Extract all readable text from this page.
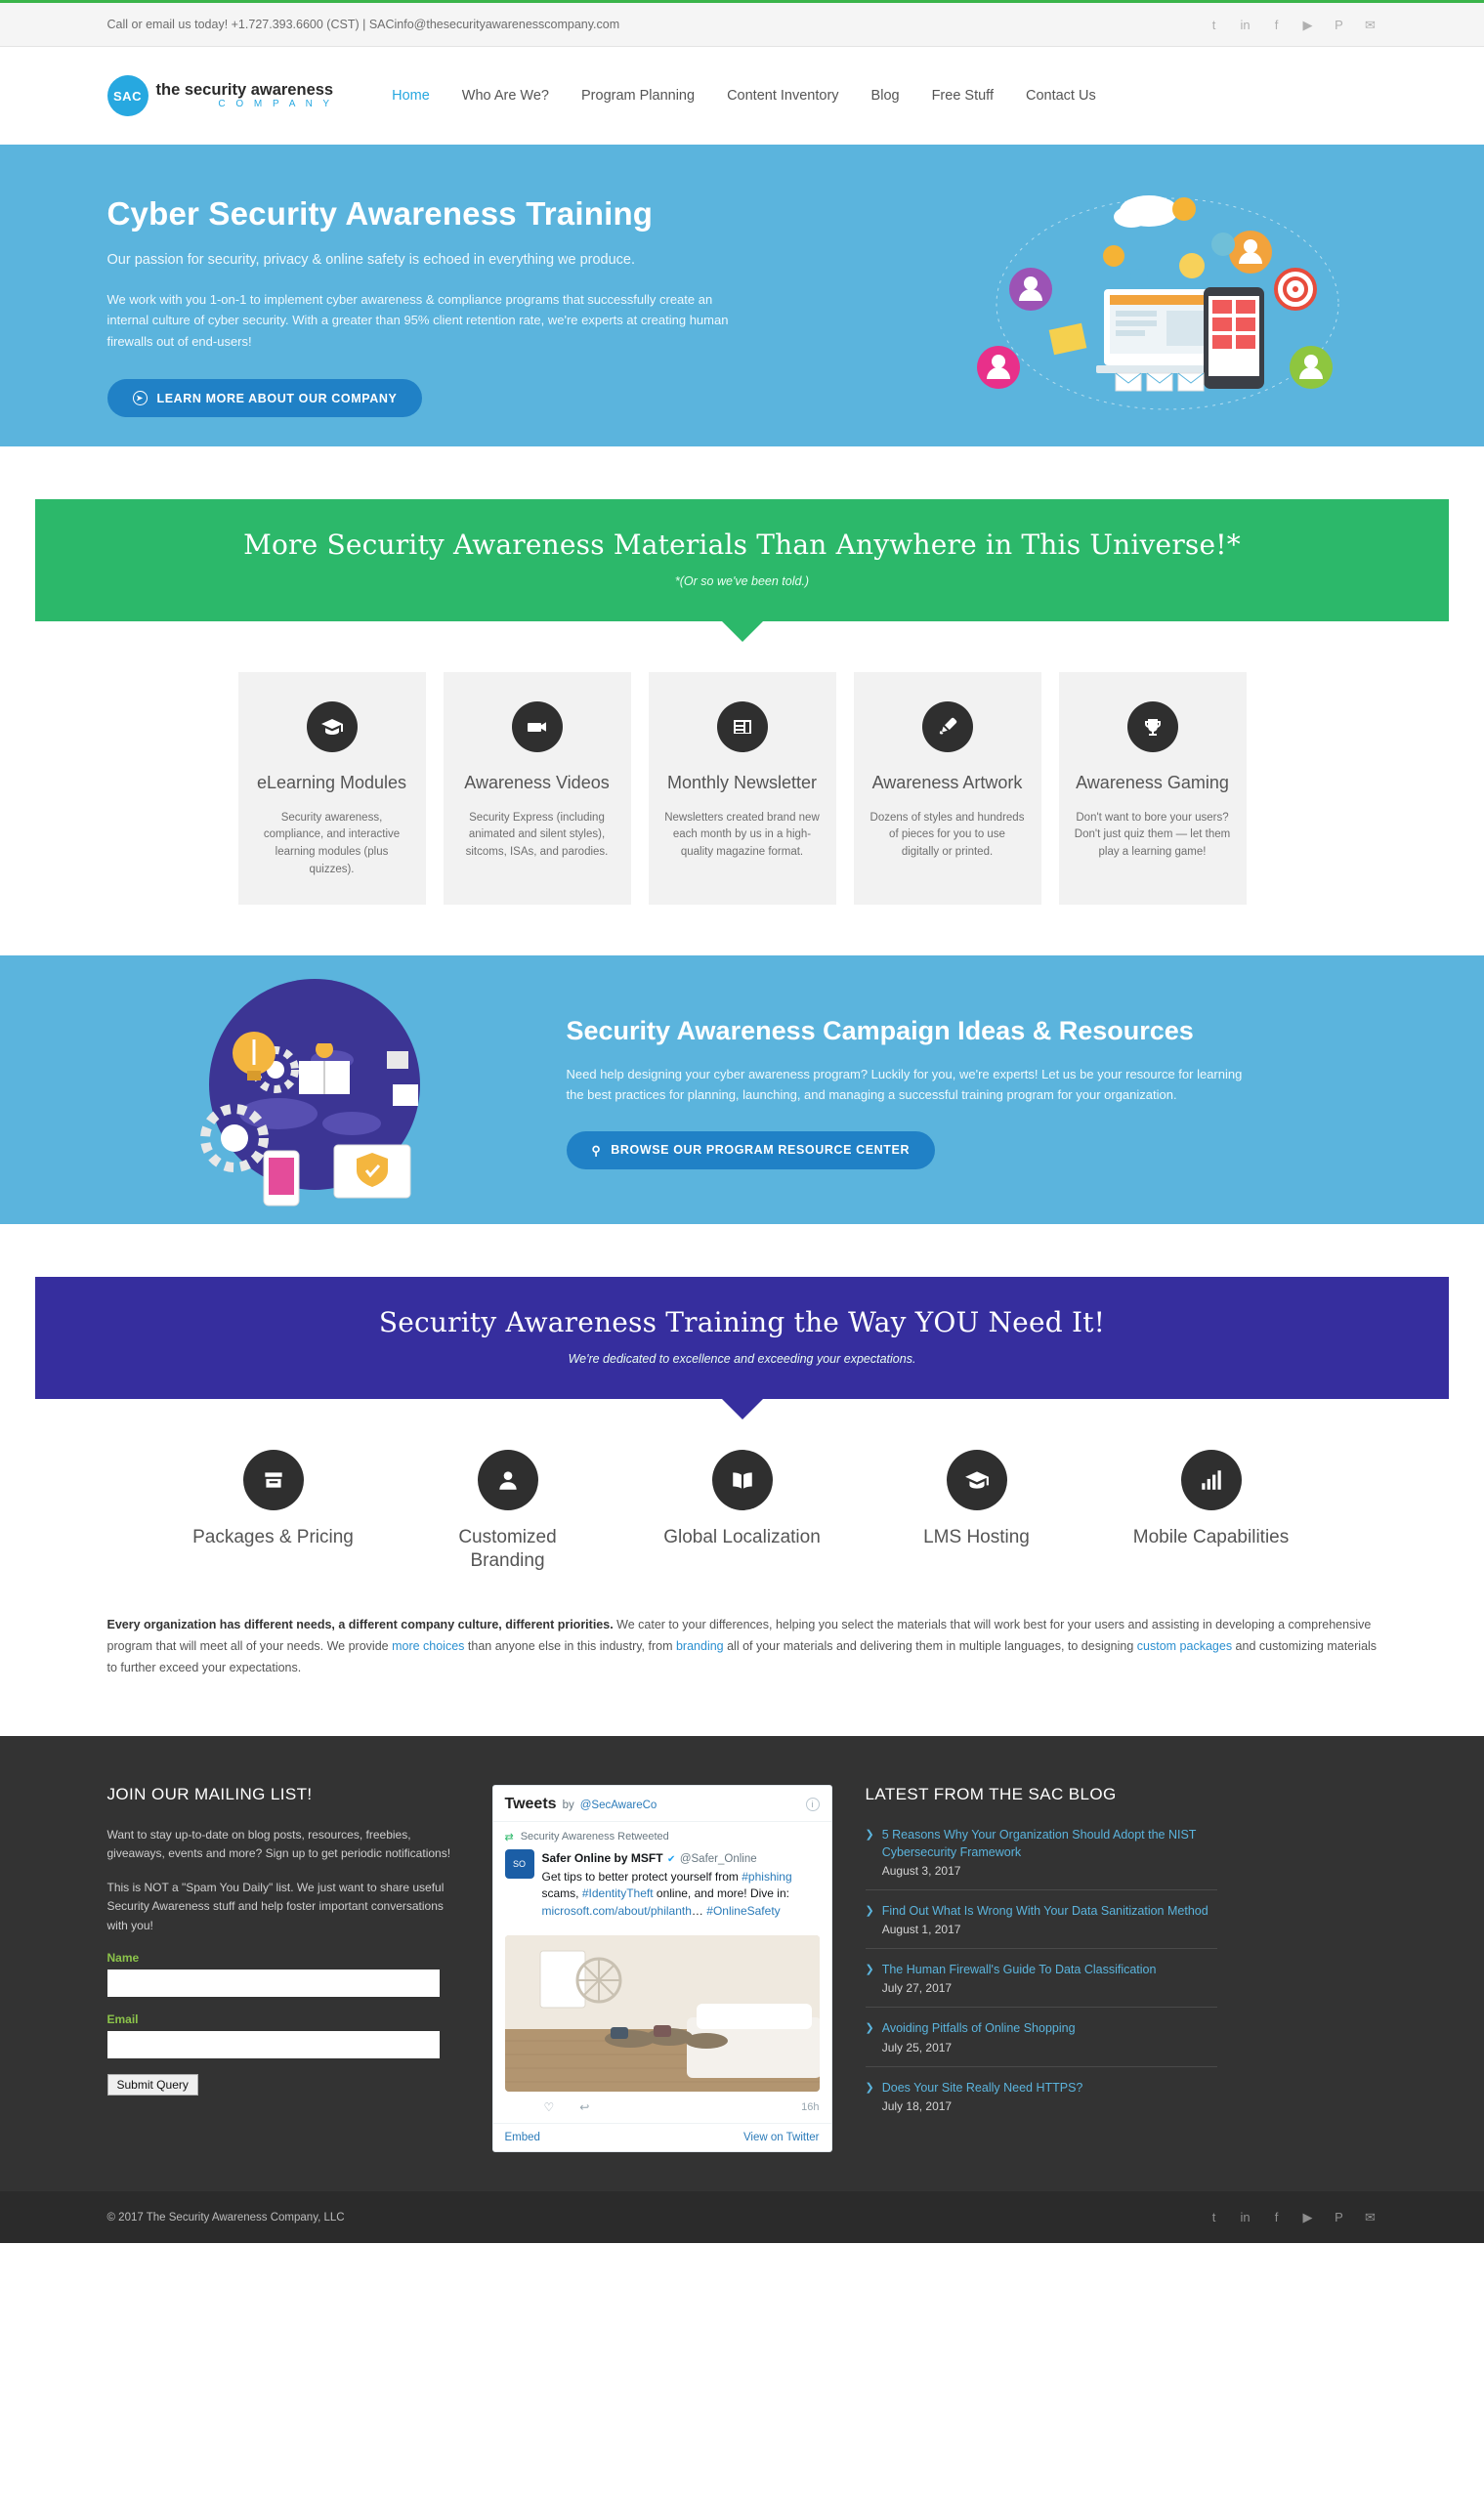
Call or email us today! +1.727.393.6600 (CST) | SACinfo@thesecurityawarenesscompany.com	t	in	f	▶ P ✉
SAC the security awareness
C O M P A N Y
Home Who Are We? Program Planning Content Inventory Blog Free Stuff Contact Us
Cyber Security Awareness Training
Our passion for security, privacy & online safety is echoed in everything we produce.
We work with you 1-on-1 to implement cyber awareness & compliance programs that successfully create an internal culture of cyber security. With a greater than 95% client retention rate, we're experts at creating human firewalls out of end-users!
➤	LEARN MORE ABOUT OUR COMPANY
More Security Awareness Materials Than Anywhere in This Universe!*
*(Or so we've been told.)
eLearning Modules

Security awareness, compliance, and interactive learning modules (plus quizzes).

Awareness Videos

Security Express (including animated and silent styles), sitcoms, ISAs, and parodies.

Monthly Newsletter

Newsletters created brand new each month by us in a high-quality magazine format.

Awareness Artwork

Dozens of styles and hundreds of pieces for you to use digitally or printed.

Awareness Gaming

Don't want to bore your users? Don't just quiz them — let them play a learning game!

Security Awareness Campaign Ideas & Resources

Need help designing your cyber awareness program? Luckily for you, we're experts! Let us be your resource for learning the best practices for planning, launching, and managing a successful training program for your organization.

⚲ BROWSE OUR PROGRAM RESOURCE CENTER
Security Awareness Training the Way YOU Need It!
We're dedicated to excellence and exceeding your expectations.
Packages & Pricing	Customized Branding
Global Localization	LMS Hosting	Mobile Capabilities
Every organization has different needs, a different company culture, different priorities. We cater to your differences, helping you select the materials that will work best for your users and assisting in developing a comprehensive program that will meet all of your needs. We provide more choices than anyone else in this industry, from branding all of your materials and delivering them in multiple languages, to designing custom packages and customizing materials to further exceed your expectations.
JOIN OUR MAILING LIST!

Want to stay up-to-date on blog posts, resources, freebies, giveaways, events and more? Sign up to get periodic notifications!

This is NOT a "Spam You Daily" list. We just want to share useful Security Awareness stuff and help foster important conversations with you!

Name
Email
Submit Query
Tweets by @SecAwareCo	i
⇄ Security Awareness Retweeted
SO	Safer Online by MSFT ✔ @Safer_Online
Get tips to better protect yourself from #phishing scams, #IdentityTheft online, and more! Dive in: microsoft.com/about/philanth… #OnlineSafety
♡ ↩	16h
Embed	View on Twitter
LATEST FROM THE SAC BLOG
❯ 5 Reasons Why Your Organization Should Adopt the NIST Cybersecurity Framework
August 3, 2017
❯ Find Out What Is Wrong With Your Data Sanitization Method
August 1, 2017
❯ The Human Firewall's Guide To Data Classification
July 27, 2017
❯ Avoiding Pitfalls of Online Shopping
July 25, 2017
❯ Does Your Site Really Need HTTPS?
July 18, 2017
© 2017 The Security Awareness Company, LLC	t	in	f	▶ P ✉
